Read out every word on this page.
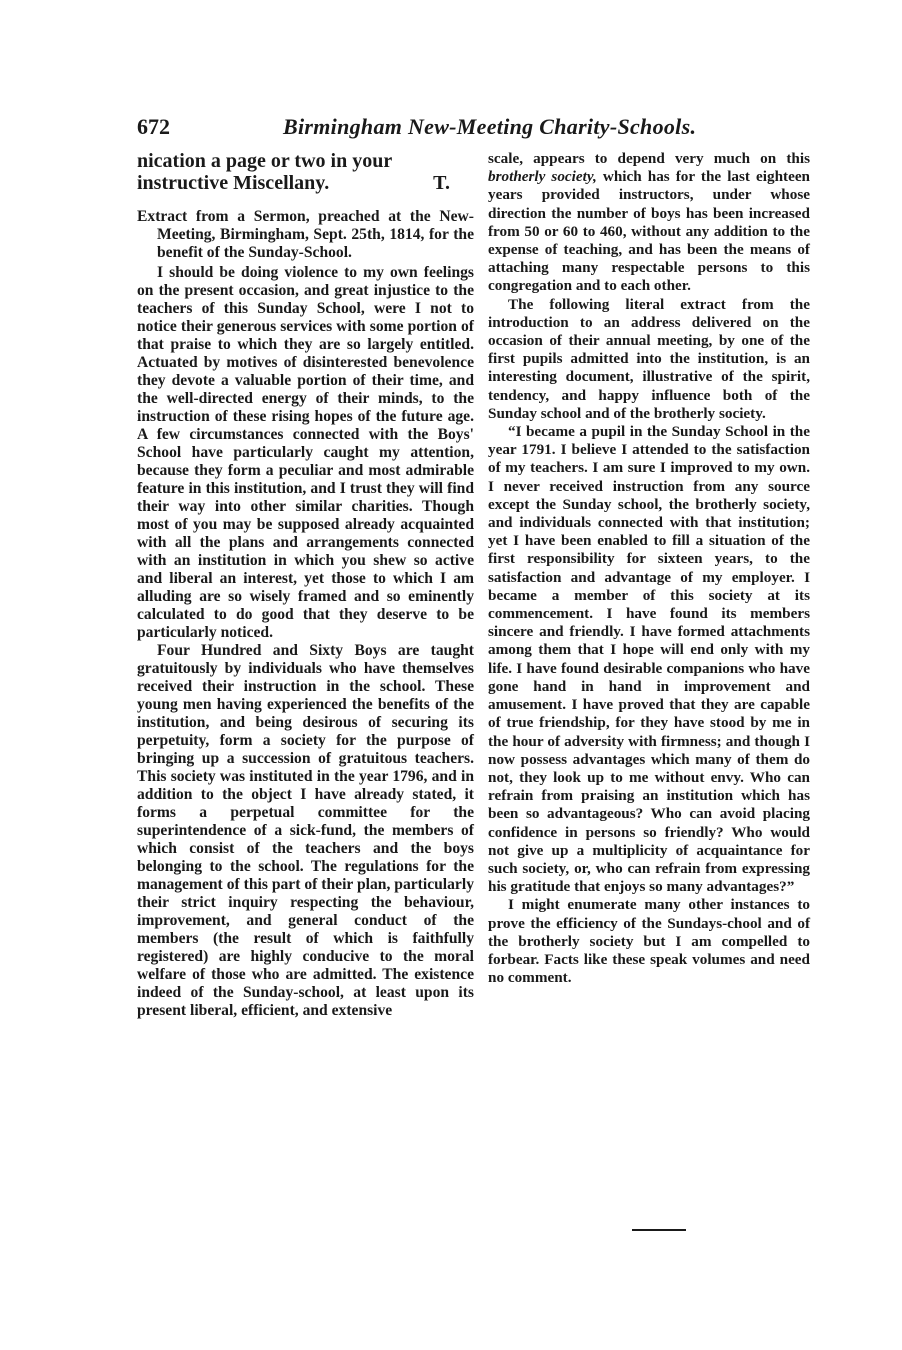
672	Birmingham New-Meeting Charity-Schools.

nication a page or two in your instructive Miscellany.	T.

Extract from a Sermon, preached at the New-Meeting, Birmingham, Sept. 25th, 1814, for the benefit of the Sunday-School.

I should be doing violence to my own feelings on the present occasion, and great injustice to the teachers of this Sunday School, were I not to notice their generous services with some portion of that praise to which they are so largely entitled. Actuated by motives of disinterested benevolence they devote a valuable portion of their time, and the well-directed energy of their minds, to the instruction of these rising hopes of the future age. A few circumstances connected with the Boys' School have particularly caught my attention, because they form a peculiar and most admirable feature in this institution, and I trust they will find their way into other similar charities. Though most of you may be supposed already acquainted with all the plans and arrangements connected with an institution in which you shew so active and liberal an interest, yet those to which I am alluding are so wisely framed and so eminently calculated to do good that they deserve to be particularly noticed.

Four Hundred and Sixty Boys are taught gratuitously by individuals who have themselves received their instruction in the school. These young men having experienced the benefits of the institution, and being desirous of securing its perpetuity, form a society for the purpose of bringing up a succession of gratuitous teachers. This society was instituted in the year 1796, and in addition to the object I have already stated, it forms a perpetual committee for the superintendence of a sick-fund, the members of which consist of the teachers and the boys belonging to the school. The regulations for the management of this part of their plan, particularly their strict inquiry respecting the behaviour, improvement, and general conduct of the members (the result of which is faithfully registered) are highly conducive to the moral welfare of those who are admitted. The existence indeed of the Sunday-school, at least upon its present liberal, efficient, and extensive

scale, appears to depend very much on this brotherly society, which has for the last eighteen years provided instructors, under whose direction the number of boys has been increased from 50 or 60 to 460, without any addition to the expense of teaching, and has been the means of attaching many respectable persons to this congregation and to each other.

The following literal extract from the introduction to an address delivered on the occasion of their annual meeting, by one of the first pupils admitted into the institution, is an interesting document, illustrative of the spirit, tendency, and happy influence both of the Sunday school and of the brotherly society.

“I became a pupil in the Sunday School in the year 1791. I believe I attended to the satisfaction of my teachers. I am sure I improved to my own. I never received instruction from any source except the Sunday school, the brotherly society, and individuals connected with that institution; yet I have been enabled to fill a situation of the first responsibility for sixteen years, to the satisfaction and advantage of my employer. I became a member of this society at its commencement. I have found its members sincere and friendly. I have formed attachments among them that I hope will end only with my life. I have found desirable companions who have gone hand in hand in improvement and amusement. I have proved that they are capable of true friendship, for they have stood by me in the hour of adversity with firmness; and though I now possess advantages which many of them do not, they look up to me without envy. Who can refrain from praising an institution which has been so advantageous? Who can avoid placing confidence in persons so friendly? Who would not give up a multiplicity of acquaintance for such society, or, who can refrain from expressing his gratitude that enjoys so many advantages?”

I might enumerate many other instances to prove the efficiency of the Sundays-chool and of the brotherly society but I am compelled to forbear. Facts like these speak volumes and need no comment.
